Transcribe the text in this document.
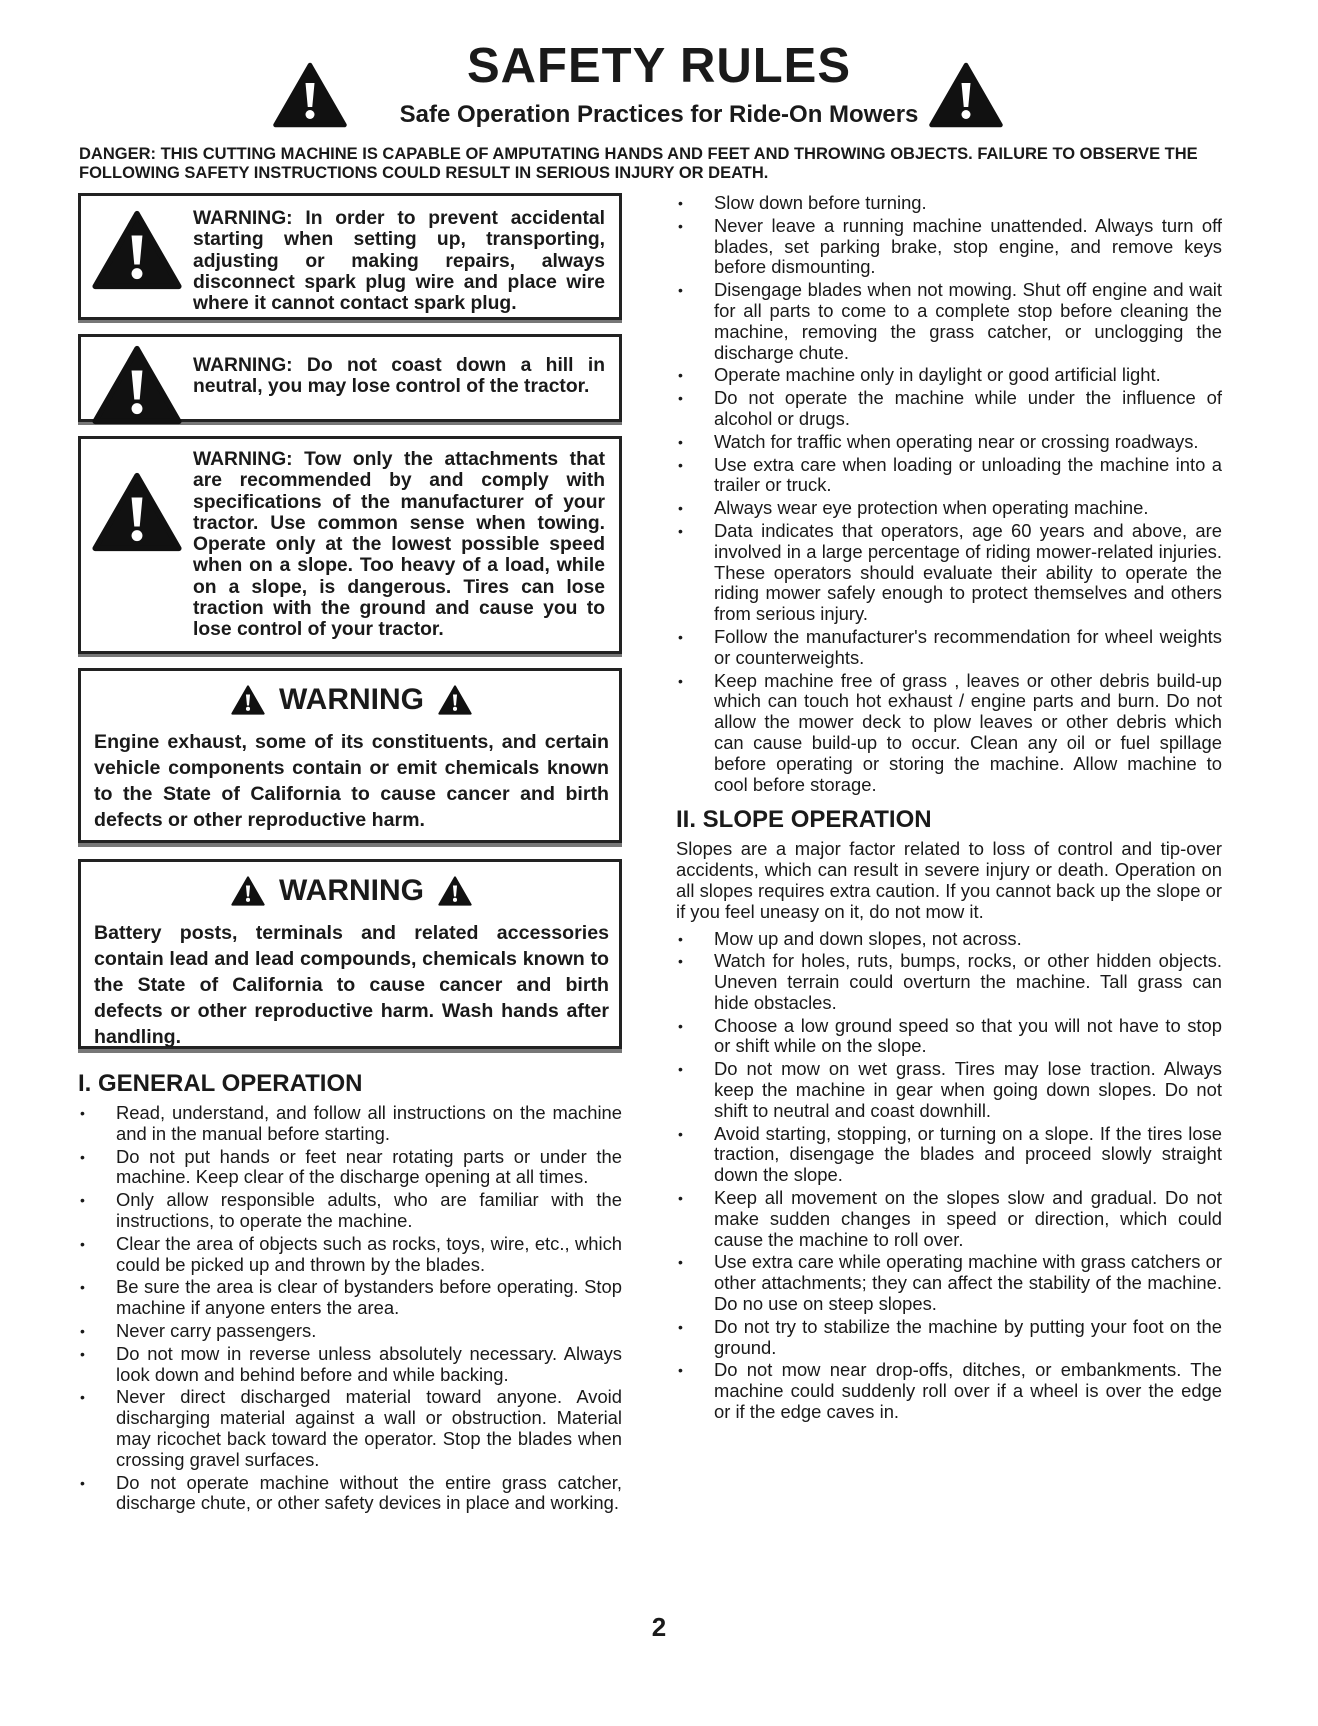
SAFETY RULES
Safe Operation Practices for Ride-On Mowers
DANGER: THIS CUTTING MACHINE IS CAPABLE OF AMPUTATING HANDS AND FEET AND THROWING OBJECTS. FAILURE TO OBSERVE THE FOLLOWING SAFETY INSTRUCTIONS COULD RESULT IN SERIOUS INJURY OR DEATH.
WARNING: In order to prevent accidental starting when setting up, transporting, adjusting or making repairs, always disconnect spark plug wire and place wire where it cannot contact spark plug.
WARNING: Do not coast down a hill in neutral, you may lose control of the tractor.
WARNING: Tow only the attachments that are recommended by and comply with specifications of the manufacturer of your tractor. Use common sense when towing. Operate only at the lowest possible speed when on a slope. Too heavy of a load, while on a slope, is dangerous. Tires can lose traction with the ground and cause you to lose control of your tractor.
WARNING
Engine exhaust, some of its constituents, and certain vehicle components contain or emit chemicals known to the State of California to cause cancer and birth defects or other reproductive harm.
WARNING
Battery posts, terminals and related accessories contain lead and lead compounds, chemicals known to the State of California to cause cancer and birth defects or other reproductive harm. Wash hands after handling.
I. GENERAL OPERATION
• Read, understand, and follow all instructions on the machine and in the manual before starting.
• Do not put hands or feet near rotating parts or under the machine. Keep clear of the discharge opening at all times.
• Only allow responsible adults, who are familiar with the instructions, to operate the machine.
• Clear the area of objects such as rocks, toys, wire, etc., which could be picked up and thrown by the blades.
• Be sure the area is clear of bystanders before operating. Stop machine if anyone enters the area.
• Never carry passengers.
• Do not mow in reverse unless absolutely necessary. Always look down and behind before and while backing.
• Never direct discharged material toward anyone. Avoid discharging material against a wall or obstruction. Material may ricochet back toward the operator. Stop the blades when crossing gravel surfaces.
• Do not operate machine without the entire grass catcher, discharge chute, or other safety devices in place and working.
• Slow down before turning.
• Never leave a running machine unattended. Always turn off blades, set parking brake, stop engine, and remove keys before dismounting.
• Disengage blades when not mowing. Shut off engine and wait for all parts to come to a complete stop before cleaning the machine, removing the grass catcher, or unclogging the discharge chute.
• Operate machine only in daylight or good artificial light.
• Do not operate the machine while under the influence of alcohol or drugs.
• Watch for traffic when operating near or crossing roadways.
• Use extra care when loading or unloading the machine into a trailer or truck.
• Always wear eye protection when operating machine.
• Data indicates that operators, age 60 years and above, are involved in a large percentage of riding mower-related injuries. These operators should evaluate their ability to operate the riding mower safely enough to protect themselves and others from serious injury.
• Follow the manufacturer's recommendation for wheel weights or counterweights.
• Keep machine free of grass , leaves or other debris build-up which can touch hot exhaust / engine parts and burn. Do not allow the mower deck to plow leaves or other debris which can cause build-up to occur. Clean any oil or fuel spillage before operating or storing the machine. Allow machine to cool before storage.
II. SLOPE OPERATION

Slopes are a major factor related to loss of control and tip-over accidents, which can result in severe injury or death. Operation on all slopes requires extra caution. If you cannot back up the slope or if you feel uneasy on it, do not mow it.

• Mow up and down slopes, not across.
• Watch for holes, ruts, bumps, rocks, or other hidden objects. Uneven terrain could overturn the machine. Tall grass can hide obstacles.
• Choose a low ground speed so that you will not have to stop or shift while on the slope.
• Do not mow on wet grass. Tires may lose traction. Always keep the machine in gear when going down slopes. Do not shift to neutral and coast downhill.
• Avoid starting, stopping, or turning on a slope. If the tires lose traction, disengage the blades and proceed slowly straight down the slope.
• Keep all movement on the slopes slow and gradual. Do not make sudden changes in speed or direction, which could cause the machine to roll over.
• Use extra care while operating machine with grass catchers or other attachments; they can affect the stability of the machine. Do no use on steep slopes.
• Do not try to stabilize the machine by putting your foot on the ground.
• Do not mow near drop-offs, ditches, or embankments. The machine could suddenly roll over if a wheel is over the edge or if the edge caves in.
2
